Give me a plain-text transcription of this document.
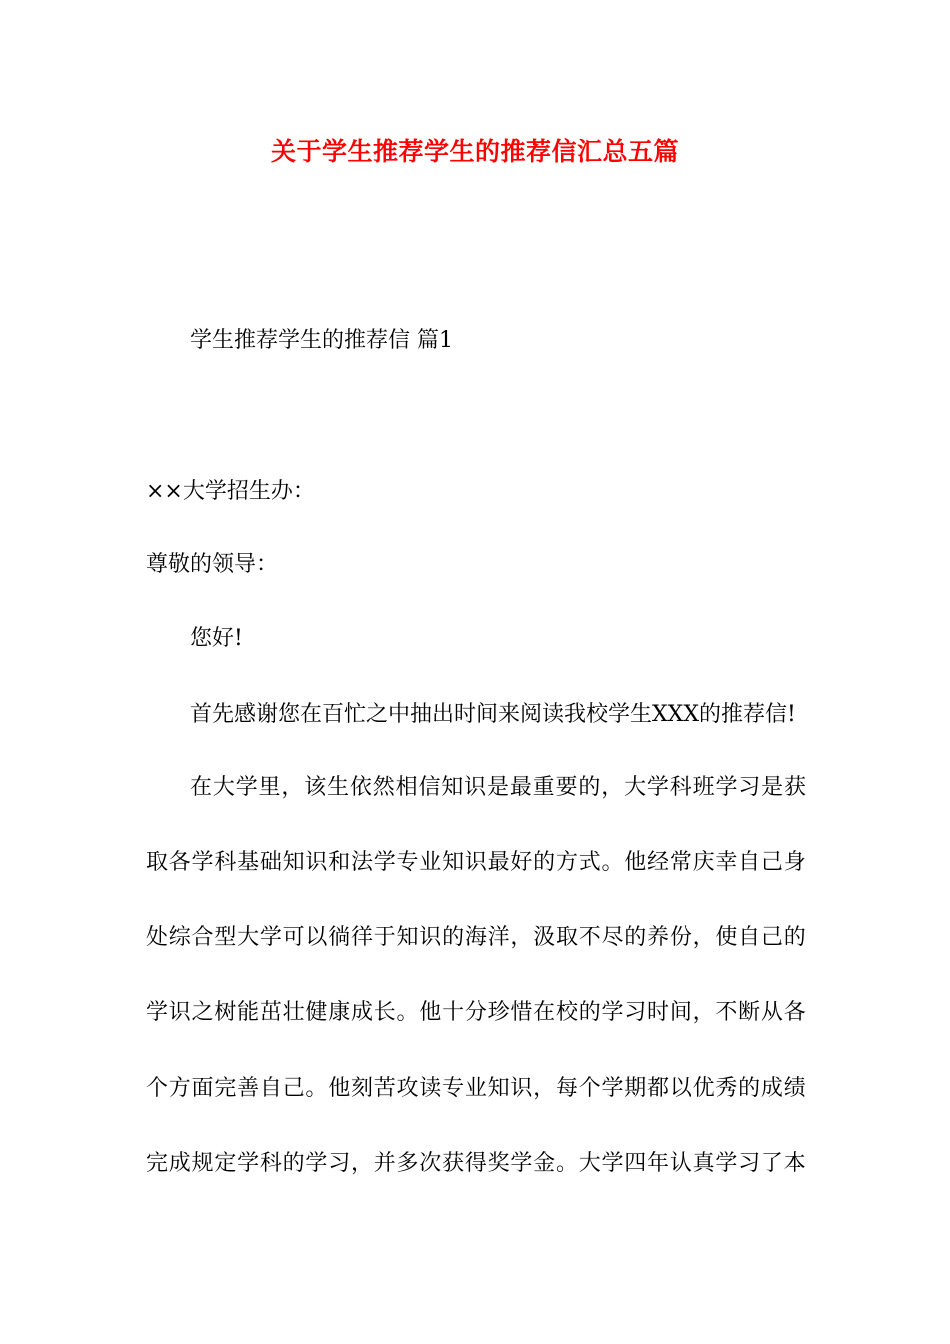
关于学生推荐学生的推荐信汇总五篇
学生推荐学生的推荐信 篇1
××大学招生办：
尊敬的领导：
您好!
首先感谢您在百忙之中抽出时间来阅读我校学生XXX的推荐信!
在大学里，该生依然相信知识是最重要的，大学科班学习是获
取各学科基础知识和法学专业知识最好的方式。他经常庆幸自己身
处综合型大学可以徜徉于知识的海洋，汲取不尽的养份，使自己的
学识之树能茁壮健康成长。他十分珍惜在校的学习时间，不断从各
个方面完善自己。他刻苦攻读专业知识，每个学期都以优秀的成绩
完成规定学科的学习，并多次获得奖学金。大学四年认真学习了本
